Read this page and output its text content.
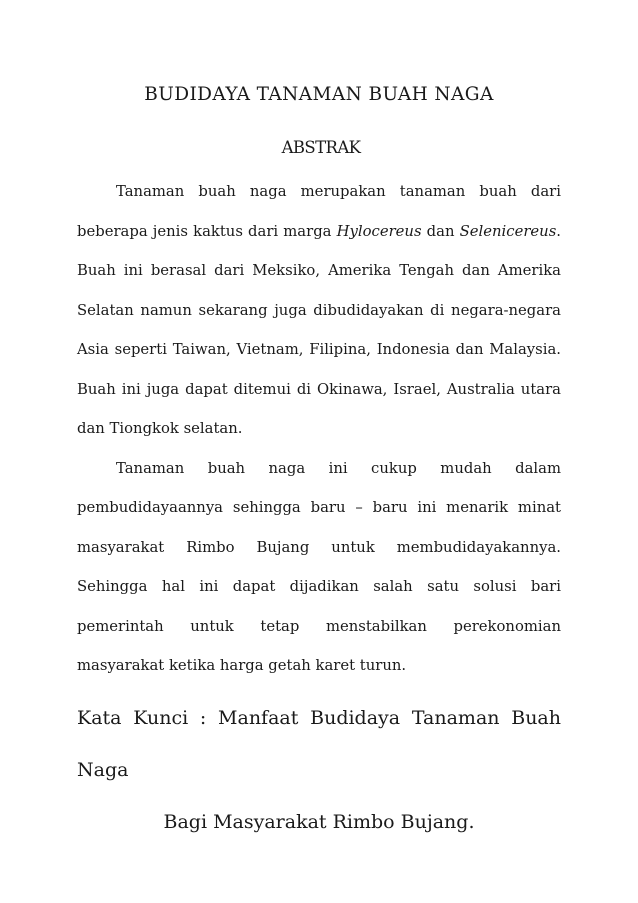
BUDIDAYA TANAMAN BUAH NAGA
ABSTRAK

Tanaman buah naga merupakan tanaman buah dari beberapa jenis kaktus dari marga Hylocereus dan Selenicereus. Buah ini berasal dari Meksiko, Amerika Tengah dan Amerika Selatan namun sekarang juga dibudidayakan di negara-negara Asia seperti Taiwan, Vietnam, Filipina, Indonesia dan Malaysia. Buah ini juga dapat ditemui di Okinawa, Israel, Australia utara dan Tiongkok selatan.

Tanaman buah naga ini cukup mudah dalam pembudidayaannya sehingga baru – baru ini menarik minat masyarakat Rimbo Bujang untuk membudidayakannya. Sehingga hal ini dapat dijadikan salah satu solusi bari pemerintah untuk tetap menstabilkan perekonomian masyarakat ketika harga getah karet turun.

Kata Kunci : Manfaat Budidaya Tanaman Buah Naga
Bagi Masyarakat Rimbo Bujang.
